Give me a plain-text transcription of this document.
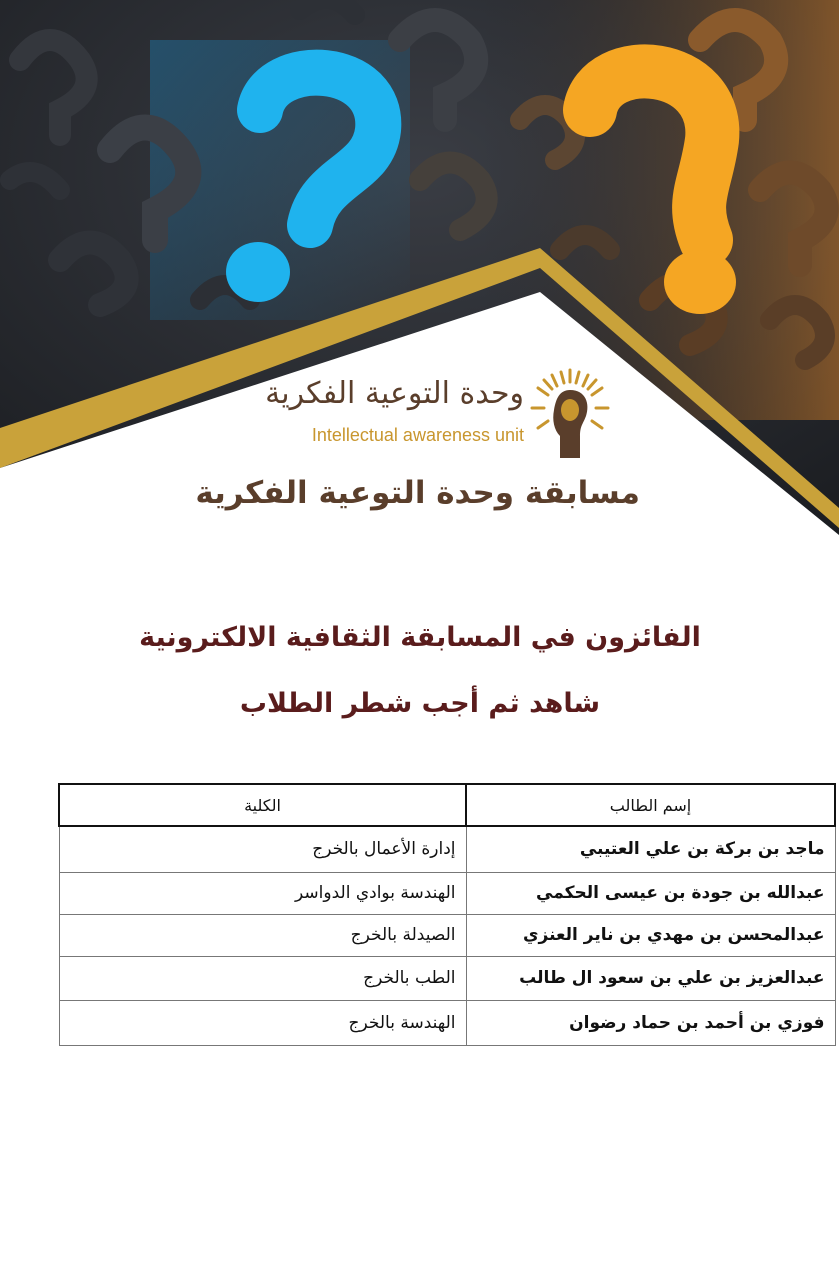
وحدة التوعية الفكرية
Intellectual awareness unit
مسابقة وحدة التوعية الفكرية
الفائزون في المسابقة الثقافية الالكترونية
شاهد ثم أجب شطر الطلاب
إسم الطالب	الكلية
ماجد بن بركة بن علي العتيبي	إدارة الأعمال بالخرج
عبدالله بن جودة بن عيسى الحكمي	الهندسة بوادي الدواسر
عبدالمحسن بن مهدي بن ناير العنزي	الصيدلة بالخرج
عبدالعزيز بن علي بن سعود ال طالب	الطب بالخرج
فوزي بن أحمد بن حماد رضوان	الهندسة بالخرج
